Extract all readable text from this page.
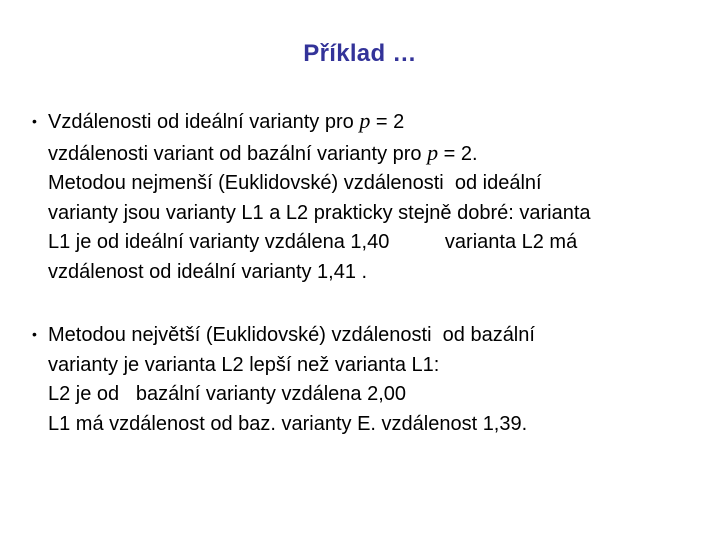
Příklad …
• Vzdálenosti od ideální varianty pro p = 2
vzdálenosti variant od bazální varianty pro p = 2.
Metodou nejmenší (Euklidovské) vzdálenosti  od ideální
varianty jsou varianty L1 a L2 prakticky stejně dobré: varianta
L1 je od ideální varianty vzdálena 1,40          varianta L2 má
vzdálenost od ideální varianty 1,41 .
• Metodou největší (Euklidovské) vzdálenosti  od bazální
varianty je varianta L2 lepší než varianta L1:
L2 je od   bazální varianty vzdálena 2,00
L1 má vzdálenost od baz. varianty E. vzdálenost 1,39.
